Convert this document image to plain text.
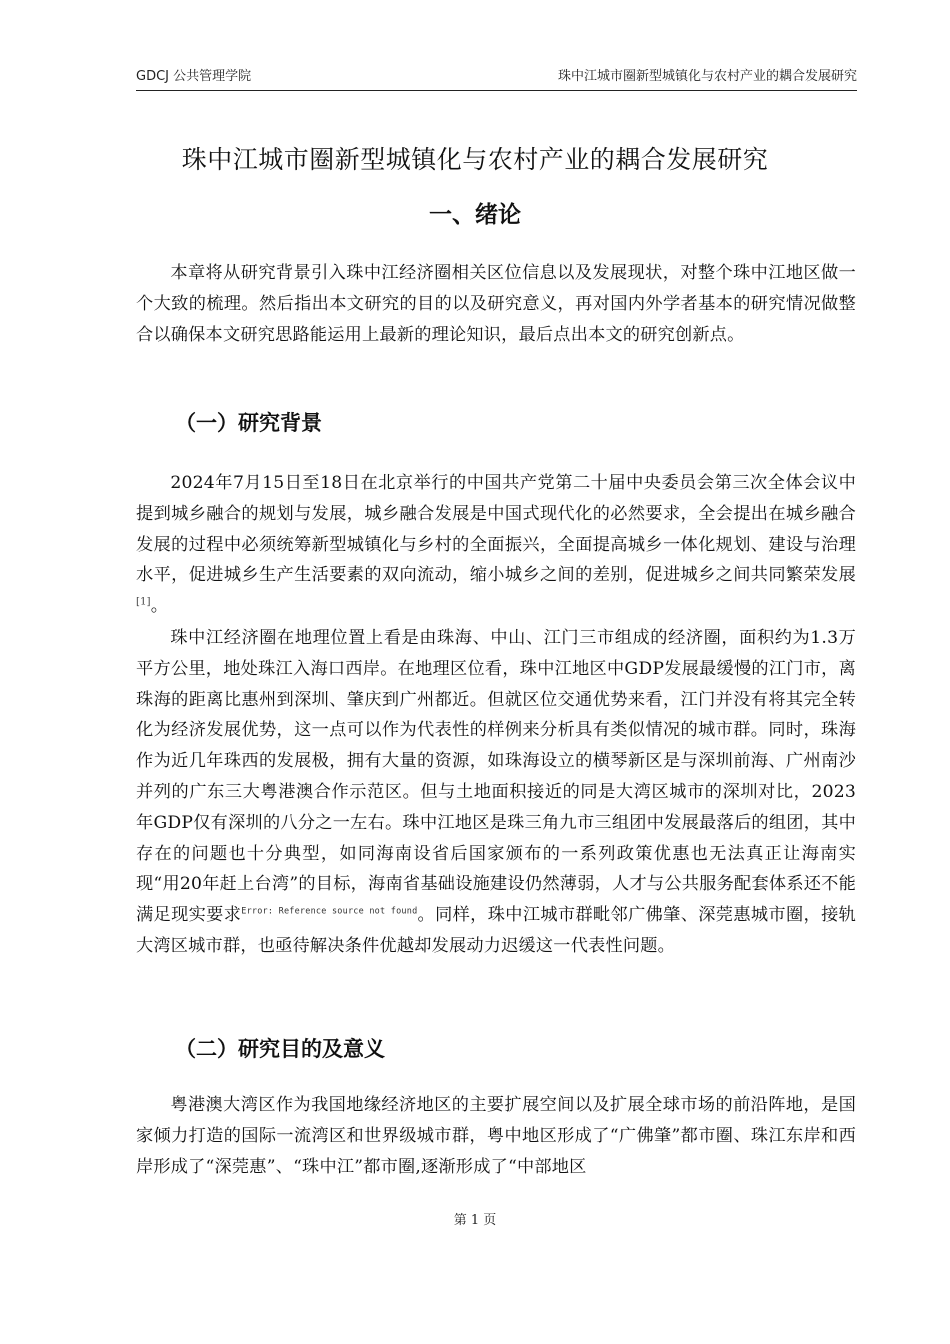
GDCJ 公共管理学院	珠中江城市圈新型城镇化与农村产业的耦合发展研究
珠中江城市圈新型城镇化与农村产业的耦合发展研究
一、绪论

本章将从研究背景引入珠中江经济圈相关区位信息以及发展现状，对整个珠中江地区做一个大致的梳理。然后指出本文研究的目的以及研究意义，再对国内外学者基本的研究情况做整合以确保本文研究思路能运用上最新的理论知识，最后点出本文的研究创新点。

（一）研究背景

2024年7月15日至18日在北京举行的中国共产党第二十届中央委员会第三次全体会议中提到城乡融合的规划与发展，城乡融合发展是中国式现代化的必然要求，全会提出在城乡融合发展的过程中必须统筹新型城镇化与乡村的全面振兴，全面提高城乡一体化规划、建设与治理水平，促进城乡生产生活要素的双向流动，缩小城乡之间的差别，促进城乡之间共同繁荣发展[1]。

珠中江经济圈在地理位置上看是由珠海、中山、江门三市组成的经济圈，面积约为1.3万平方公里，地处珠江入海口西岸。在地理区位看，珠中江地区中GDP发展最缓慢的江门市，离珠海的距离比惠州到深圳、肇庆到广州都近。但就区位交通优势来看，江门并没有将其完全转化为经济发展优势，这一点可以作为代表性的样例来分析具有类似情况的城市群。同时，珠海作为近几年珠西的发展极，拥有大量的资源，如珠海设立的横琴新区是与深圳前海、广州南沙并列的广东三大粤港澳合作示范区。但与土地面积接近的同是大湾区城市的深圳对比，2023年GDP仅有深圳的八分之一左右。珠中江地区是珠三角九市三组团中发展最落后的组团，其中存在的问题也十分典型，如同海南设省后国家颁布的一系列政策优惠也无法真正让海南实现“用20年赶上台湾”的目标，海南省基础设施建设仍然薄弱，人才与公共服务配套体系还不能满足现实要求$^{Error: Reference source not found}$。同样，珠中江城市群毗邻广佛肇、深莞惠城市圈，接轨大湾区城市群，也亟待解决条件优越却发展动力迟缓这一代表性问题。

（二）研究目的及意义

粤港澳大湾区作为我国地缘经济地区的主要扩展空间以及扩展全球市场的前沿阵地，是国家倾力打造的国际一流湾区和世界级城市群，粤中地区形成了“广佛肇”都市圈、珠江东岸和西岸形成了“深莞惠”、“珠中江”都市圈,逐渐形成了“中部地区

第 1 页
